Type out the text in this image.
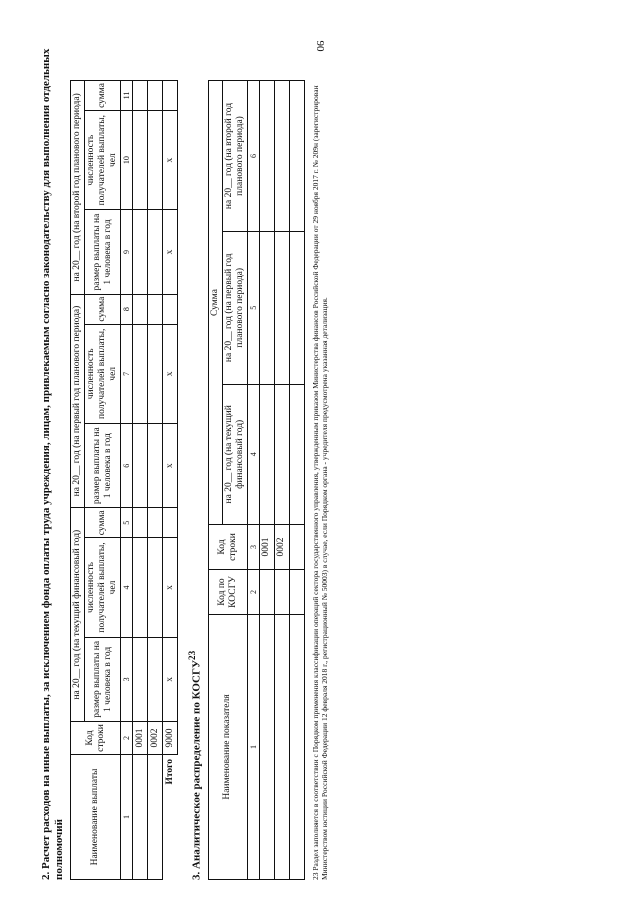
90

2. Расчет расходов на иные выплаты, за исключением фонда оплаты труда учреждения, лицам, привлекаемым согласно законодательству для выполнения отдельных полномочий	Наименование выплаты	Код строки	на 20__ год (на текущий финансовый год)			на 20__ год (на первый год планового периода)			на 20__ год (на второй год планового периода)		
		размер выплаты на 1 человека в год	численность получателей выплаты, чел	сумма	размер выплаты на 1 человека в год	численность получателей выплаты, чел	сумма	размер выплаты на 1 человека в год	численность получателей выплаты, чел	сумма
1	2	3	4	5	6	7	8	9	10	11
	0001									
	0002									
Итого	9000	x	x		x	x		x	x	

3. Аналитическое распределение по КОСГУ$^{23}$

Наименование показателя	Код по КОСГУ	Код строки	Сумма		
			на 20__ год (на текущий финансовый год)	на 20__ год (на первый год планового периода)	на 20__ год (на второй год планового периода)
1	2	3	4	5	6
		0001			
		0002			
						23 Раздел заполняется в соответствии с Порядком применения классификации операций сектора государственного управления, утвержденным приказом Министерства финансов Российской Федерации от 29 ноября 2017 г. № 209н (зарегистрирован Министерством юстиции Российской Федерации 12 февраля 2018 г., регистрационный № 50003) в случае, если Порядком органа - учредителя предусмотрена указанная детализация.
